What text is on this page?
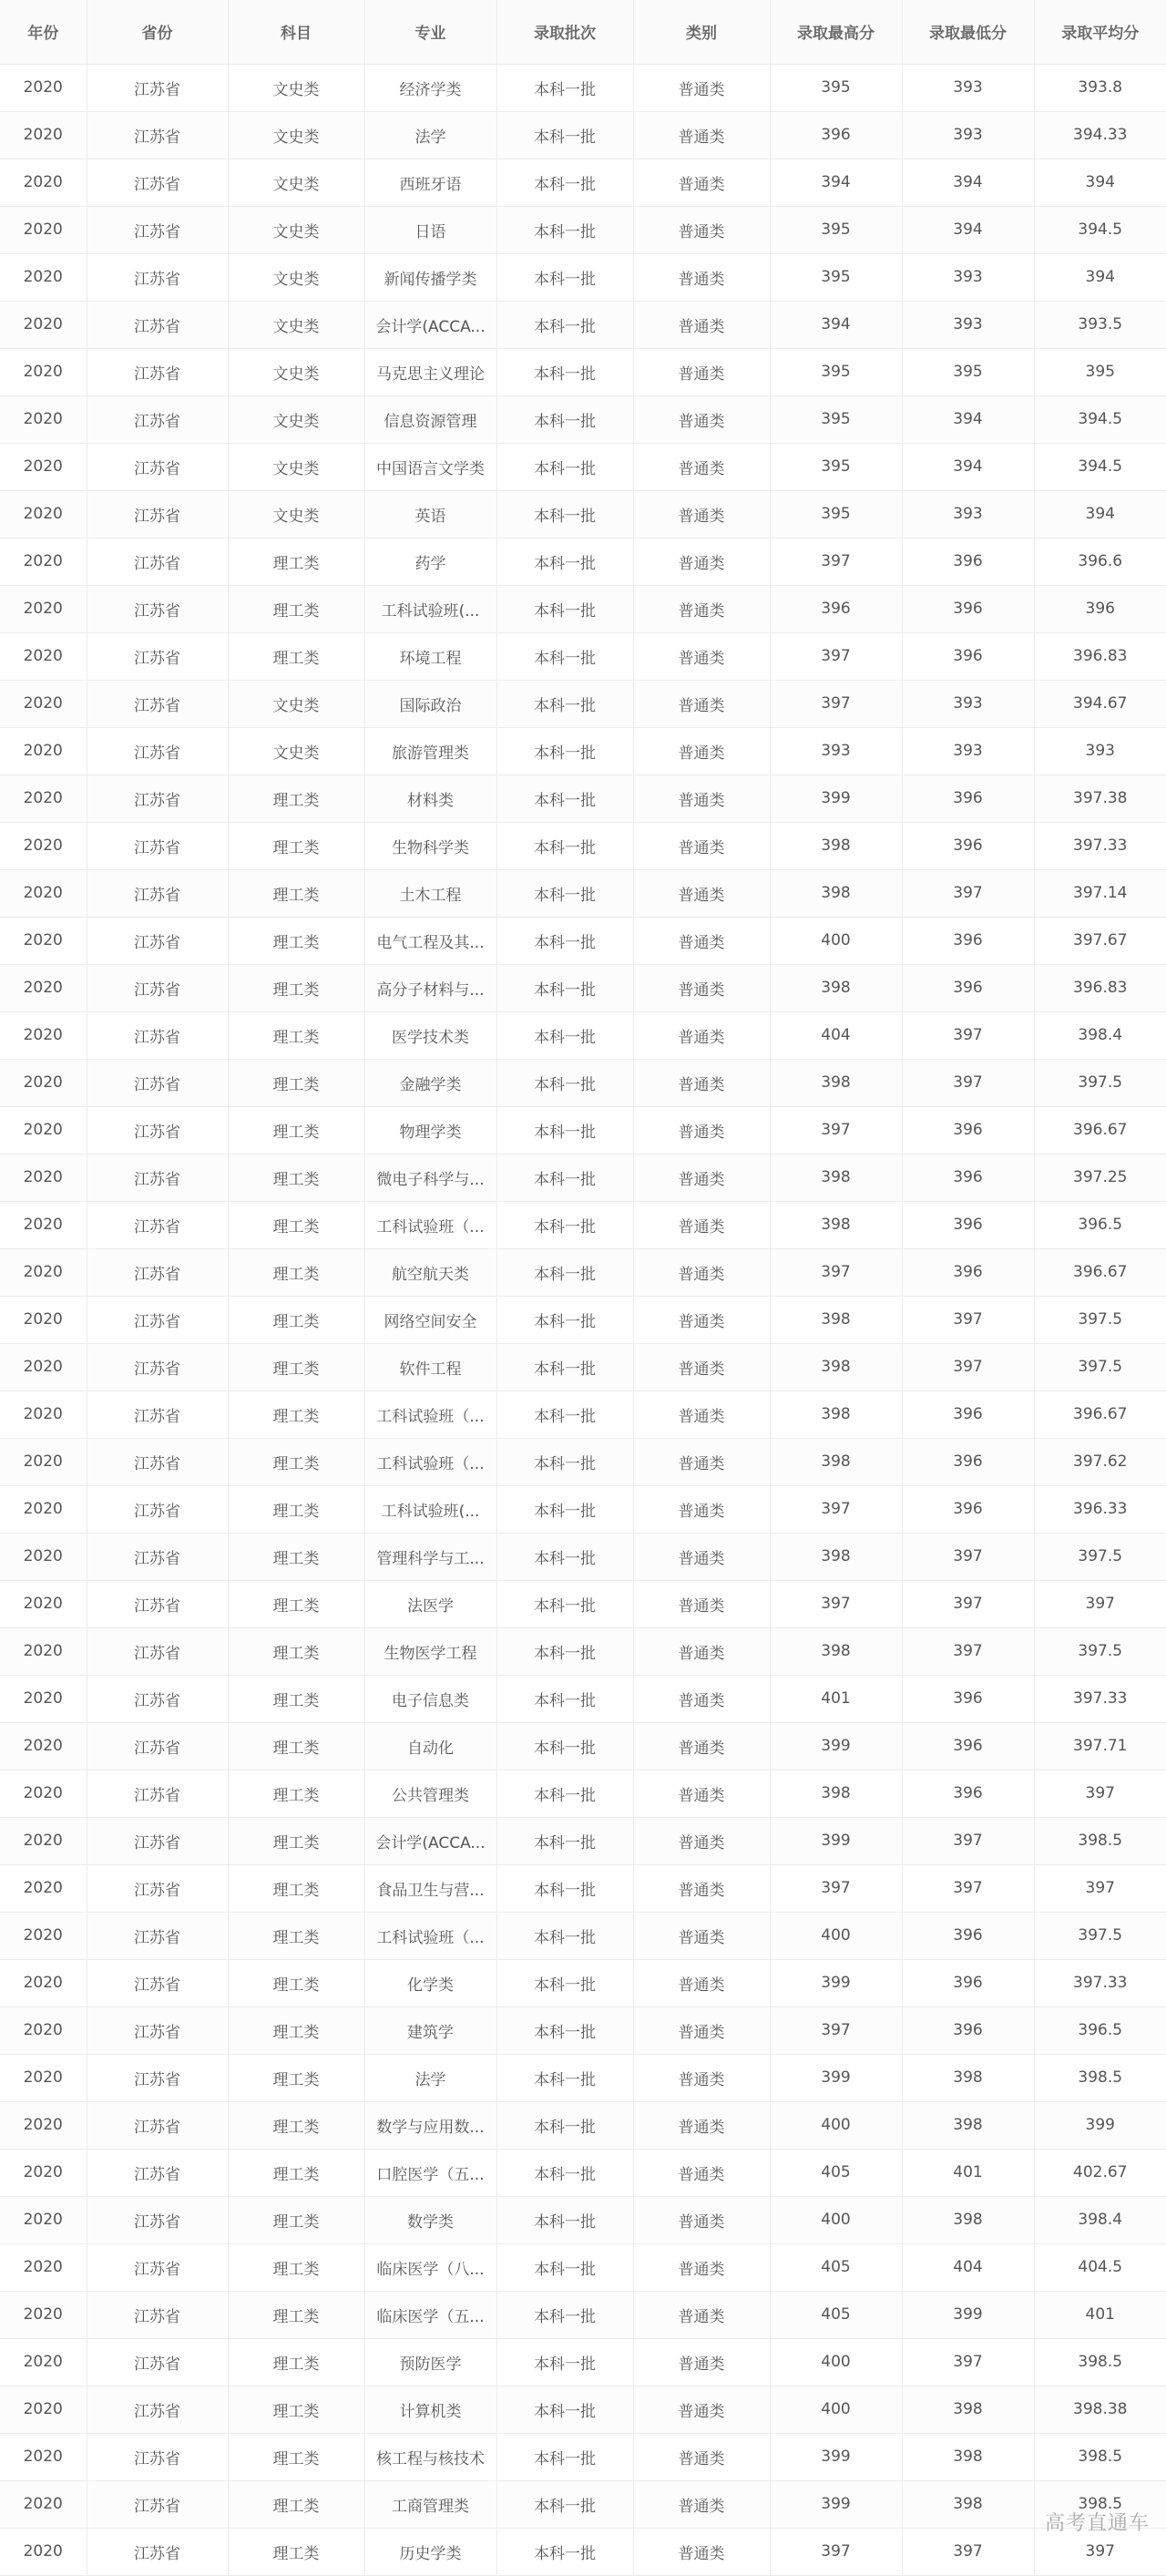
年份	省份	科目	专业	录取批次	类别	录取最高分	录取最低分	录取平均分
2020	江苏省	文史类	经济学类	本科一批	普通类	395	393	393.8
2020	江苏省	文史类	法学	本科一批	普通类	396	393	394.33
2020	江苏省	文史类	西班牙语	本科一批	普通类	394	394	394
2020	江苏省	文史类	日语	本科一批	普通类	395	394	394.5
2020	江苏省	文史类	新闻传播学类	本科一批	普通类	395	393	394
2020	江苏省	文史类	会计学(ACCA...	本科一批	普通类	394	393	393.5
2020	江苏省	文史类	马克思主义理论	本科一批	普通类	395	395	395
2020	江苏省	文史类	信息资源管理	本科一批	普通类	395	394	394.5
2020	江苏省	文史类	中国语言文学类	本科一批	普通类	395	394	394.5
2020	江苏省	文史类	英语	本科一批	普通类	395	393	394
2020	江苏省	理工类	药学	本科一批	普通类	397	396	396.6
2020	江苏省	理工类	工科试验班(...	本科一批	普通类	396	396	396
2020	江苏省	理工类	环境工程	本科一批	普通类	397	396	396.83
2020	江苏省	文史类	国际政治	本科一批	普通类	397	393	394.67
2020	江苏省	文史类	旅游管理类	本科一批	普通类	393	393	393
2020	江苏省	理工类	材料类	本科一批	普通类	399	396	397.38
2020	江苏省	理工类	生物科学类	本科一批	普通类	398	396	397.33
2020	江苏省	理工类	土木工程	本科一批	普通类	398	397	397.14
2020	江苏省	理工类	电气工程及其...	本科一批	普通类	400	396	397.67
2020	江苏省	理工类	高分子材料与...	本科一批	普通类	398	396	396.83
2020	江苏省	理工类	医学技术类	本科一批	普通类	404	397	398.4
2020	江苏省	理工类	金融学类	本科一批	普通类	398	397	397.5
2020	江苏省	理工类	物理学类	本科一批	普通类	397	396	396.67
2020	江苏省	理工类	微电子科学与...	本科一批	普通类	398	396	397.25
2020	江苏省	理工类	工科试验班（...	本科一批	普通类	398	396	396.5
2020	江苏省	理工类	航空航天类	本科一批	普通类	397	396	396.67
2020	江苏省	理工类	网络空间安全	本科一批	普通类	398	397	397.5
2020	江苏省	理工类	软件工程	本科一批	普通类	398	397	397.5
2020	江苏省	理工类	工科试验班（...	本科一批	普通类	398	396	396.67
2020	江苏省	理工类	工科试验班（...	本科一批	普通类	398	396	397.62
2020	江苏省	理工类	工科试验班(...	本科一批	普通类	397	396	396.33
2020	江苏省	理工类	管理科学与工...	本科一批	普通类	398	397	397.5
2020	江苏省	理工类	法医学	本科一批	普通类	397	397	397
2020	江苏省	理工类	生物医学工程	本科一批	普通类	398	397	397.5
2020	江苏省	理工类	电子信息类	本科一批	普通类	401	396	397.33
2020	江苏省	理工类	自动化	本科一批	普通类	399	396	397.71
2020	江苏省	理工类	公共管理类	本科一批	普通类	398	396	397
2020	江苏省	理工类	会计学(ACCA...	本科一批	普通类	399	397	398.5
2020	江苏省	理工类	食品卫生与营...	本科一批	普通类	397	397	397
2020	江苏省	理工类	工科试验班（...	本科一批	普通类	400	396	397.5
2020	江苏省	理工类	化学类	本科一批	普通类	399	396	397.33
2020	江苏省	理工类	建筑学	本科一批	普通类	397	396	396.5
2020	江苏省	理工类	法学	本科一批	普通类	399	398	398.5
2020	江苏省	理工类	数学与应用数...	本科一批	普通类	400	398	399
2020	江苏省	理工类	口腔医学（五...	本科一批	普通类	405	401	402.67
2020	江苏省	理工类	数学类	本科一批	普通类	400	398	398.4
2020	江苏省	理工类	临床医学（八...	本科一批	普通类	405	404	404.5
2020	江苏省	理工类	临床医学（五...	本科一批	普通类	405	399	401
2020	江苏省	理工类	预防医学	本科一批	普通类	400	397	398.5
2020	江苏省	理工类	计算机类	本科一批	普通类	400	398	398.38
2020	江苏省	理工类	核工程与核技术	本科一批	普通类	399	398	398.5
2020	江苏省	理工类	工商管理类	本科一批	普通类	399	398	398.5
2020	江苏省	理工类	历史学类	本科一批	普通类	397	397	397
高考直通车
